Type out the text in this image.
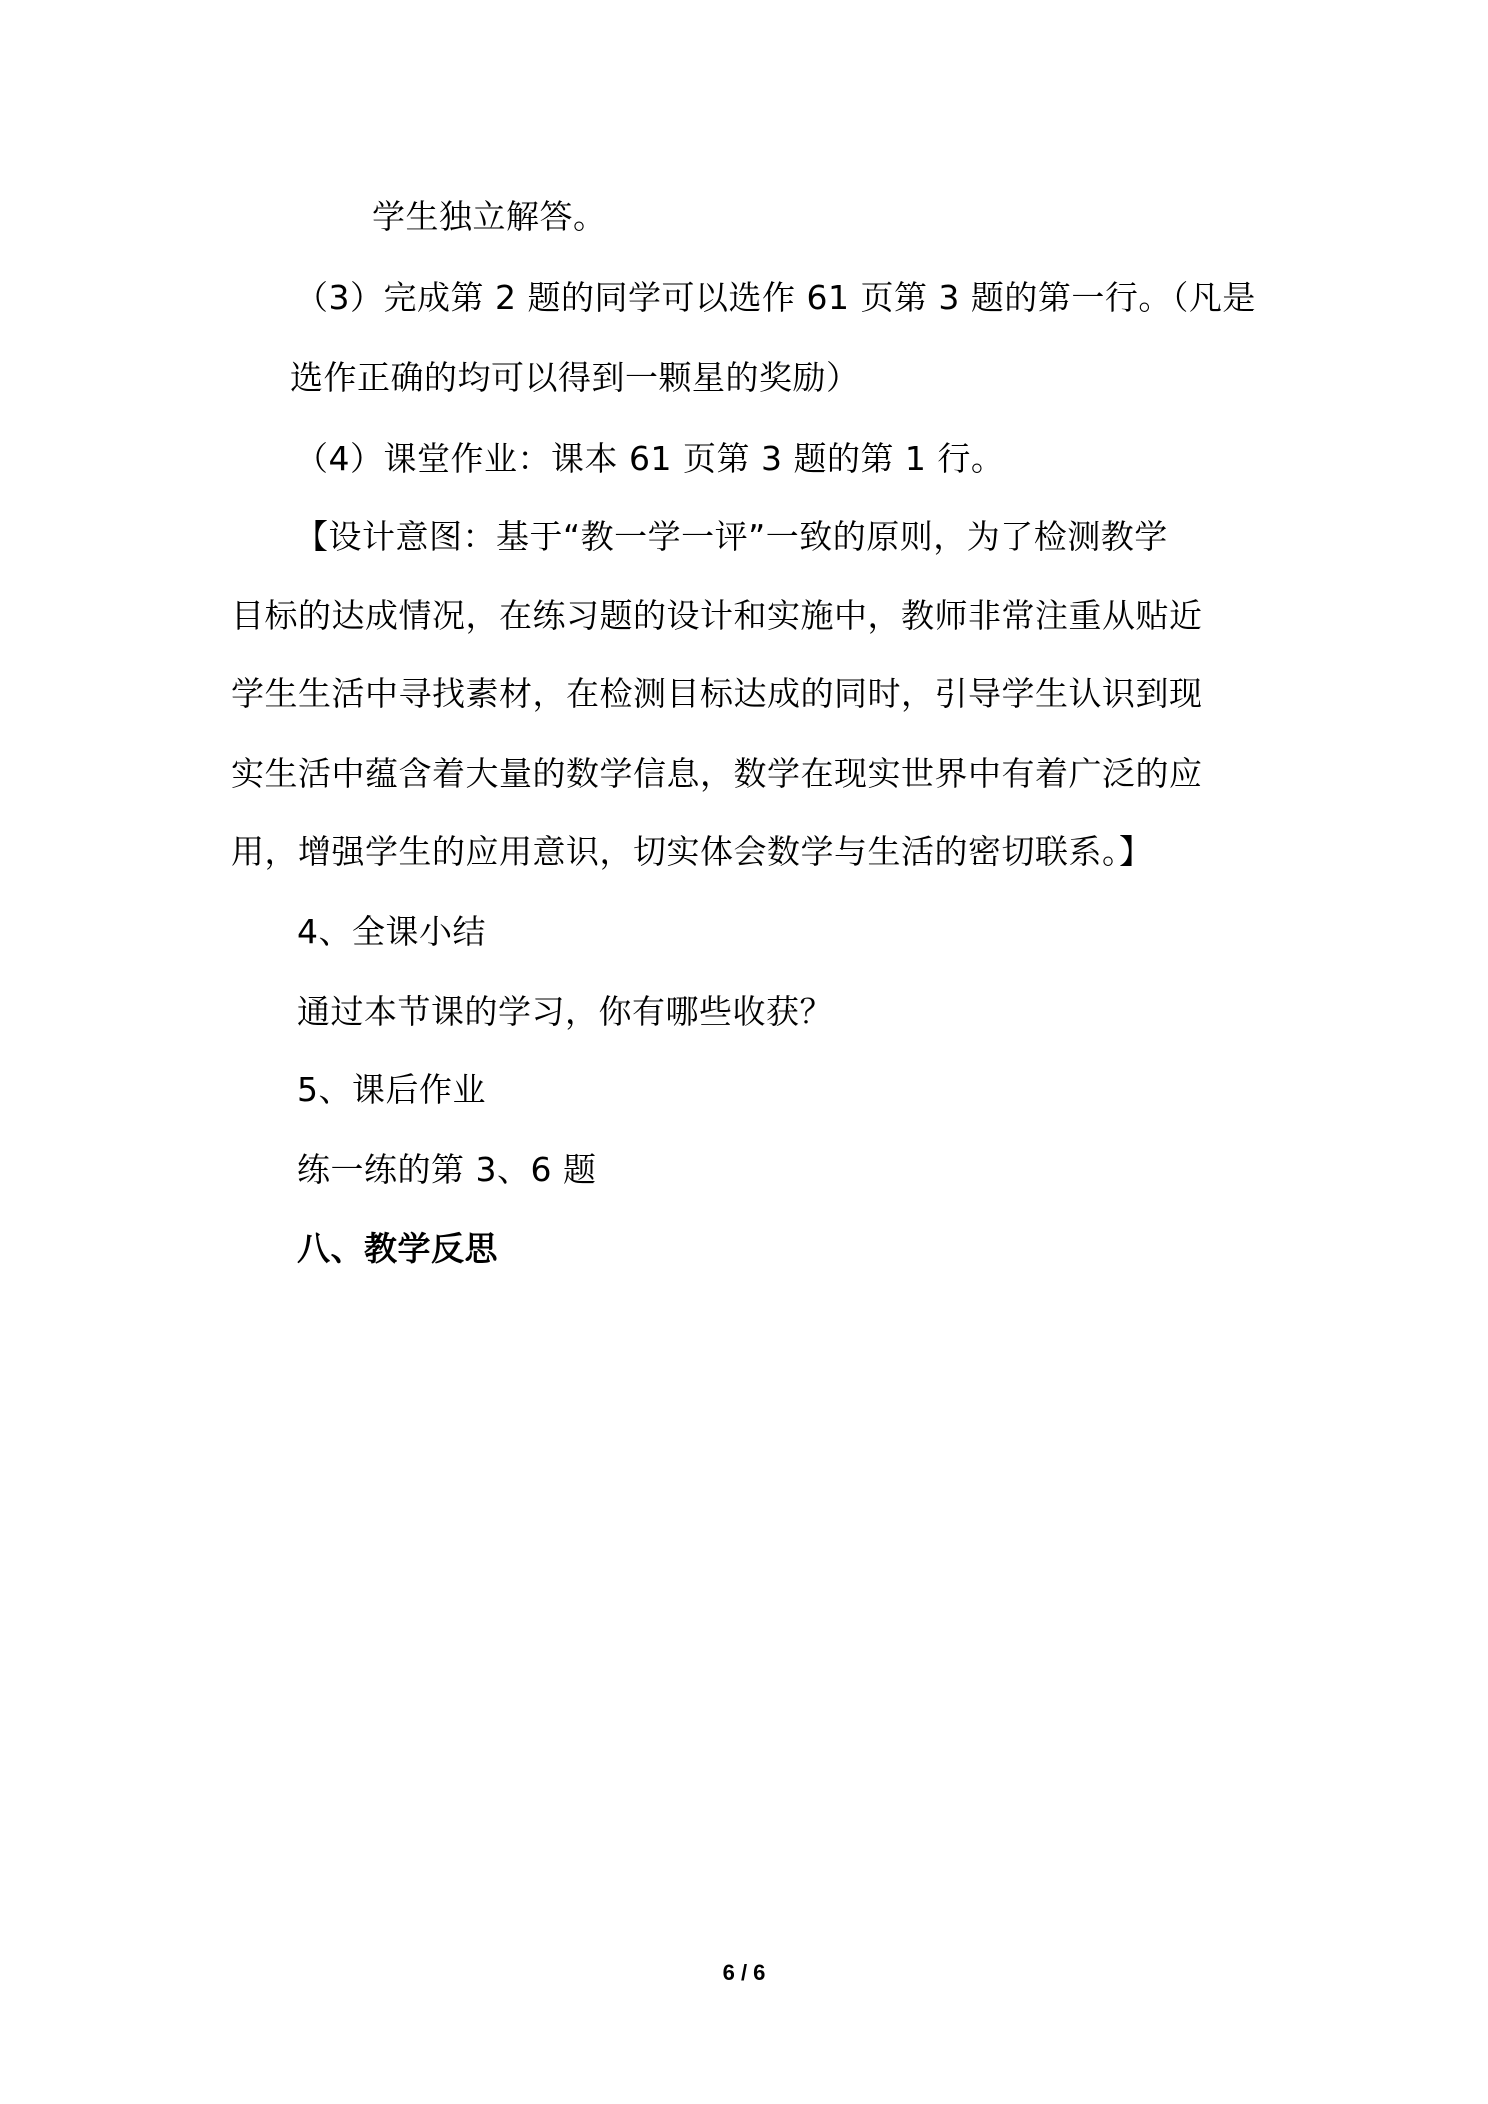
学生独立解答。

（3）完成第 2 题的同学可以选作 61 页第 3 题的第一行。（凡是

选作正确的均可以得到一颗星的奖励）

（4）课堂作业：课本 61 页第 3 题的第 1 行。

【设计意图：基于“教一学一评”一致的原则，为了检测教学

目标的达成情况，在练习题的设计和实施中，教师非常注重从贴近

学生生活中寻找素材，在检测目标达成的同时，引导学生认识到现

实生活中蕴含着大量的数学信息，数学在现实世界中有着广泛的应

用，增强学生的应用意识，切实体会数学与生活的密切联系。】

4、全课小结

通过本节课的学习，你有哪些收获？

5、课后作业

练一练的第 3、6 题

八、教学反思

6 / 6
